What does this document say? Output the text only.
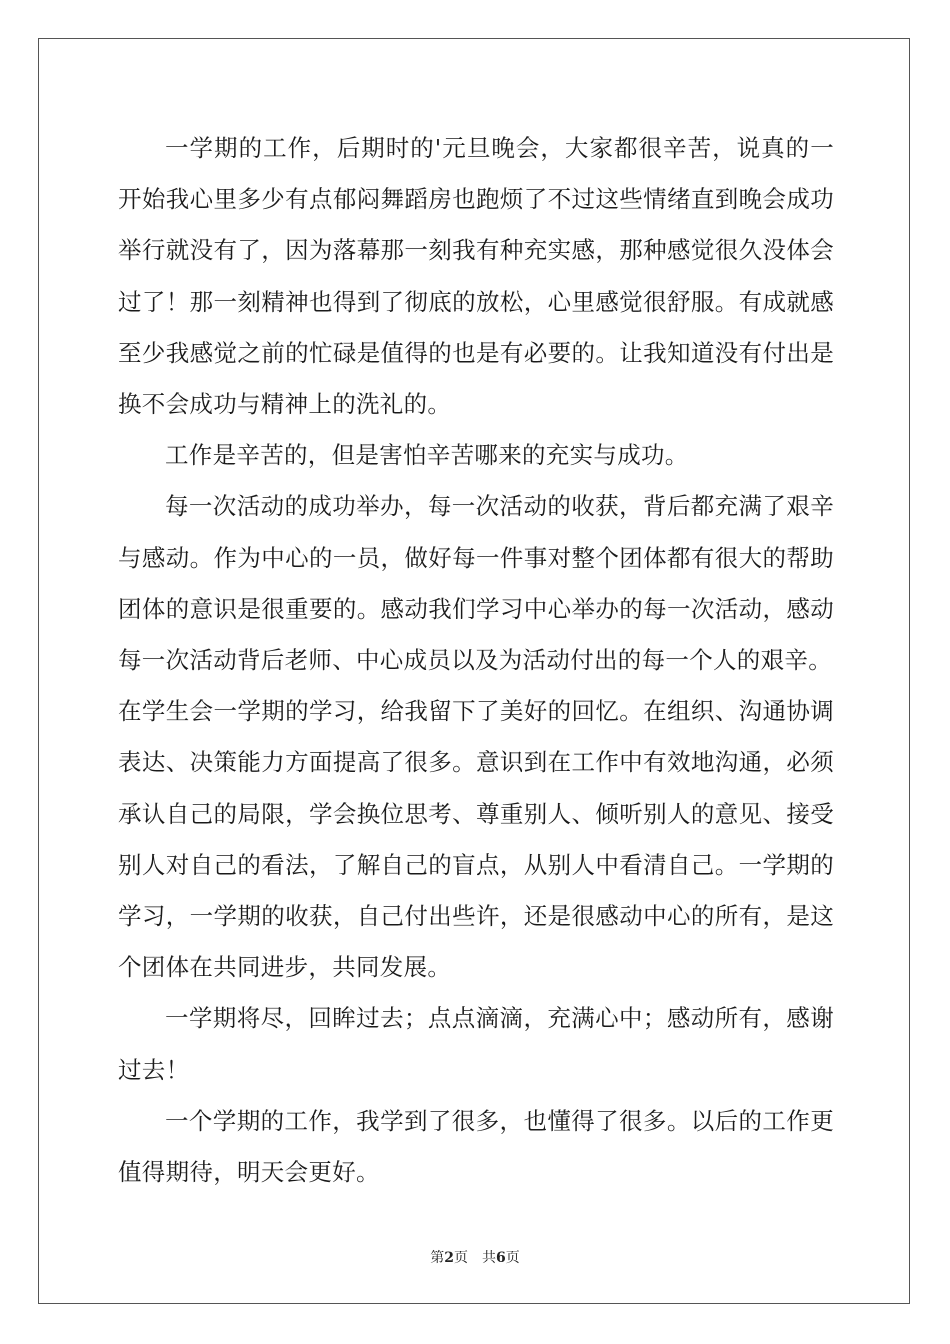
一学期的工作，后期时的'元旦晚会，大家都很辛苦，说真的一开始我心里多少有点郁闷舞蹈房也跑烦了不过这些情绪直到晚会成功举行就没有了，因为落幕那一刻我有种充实感，那种感觉很久没体会过了！那一刻精神也得到了彻底的放松，心里感觉很舒服。有成就感至少我感觉之前的忙碌是值得的也是有必要的。让我知道没有付出是换不会成功与精神上的洗礼的。

工作是辛苦的，但是害怕辛苦哪来的充实与成功。

每一次活动的成功举办，每一次活动的收获，背后都充满了艰辛与感动。作为中心的一员，做好每一件事对整个团体都有很大的帮助团体的意识是很重要的。感动我们学习中心举办的每一次活动，感动每一次活动背后老师、中心成员以及为活动付出的每一个人的艰辛。

在学生会一学期的学习，给我留下了美好的回忆。在组织、沟通协调表达、决策能力方面提高了很多。意识到在工作中有效地沟通，必须承认自己的局限，学会换位思考、尊重别人、倾听别人的意见、接受别人对自己的看法，了解自己的盲点，从别人中看清自己。一学期的学习，一学期的收获，自己付出些许，还是很感动中心的所有，是这个团体在共同进步，共同发展。

一学期将尽，回眸过去；点点滴滴，充满心中；感动所有，感谢过去！

一个学期的工作，我学到了很多，也懂得了很多。以后的工作更值得期待，明天会更好。

第2页　共6页
